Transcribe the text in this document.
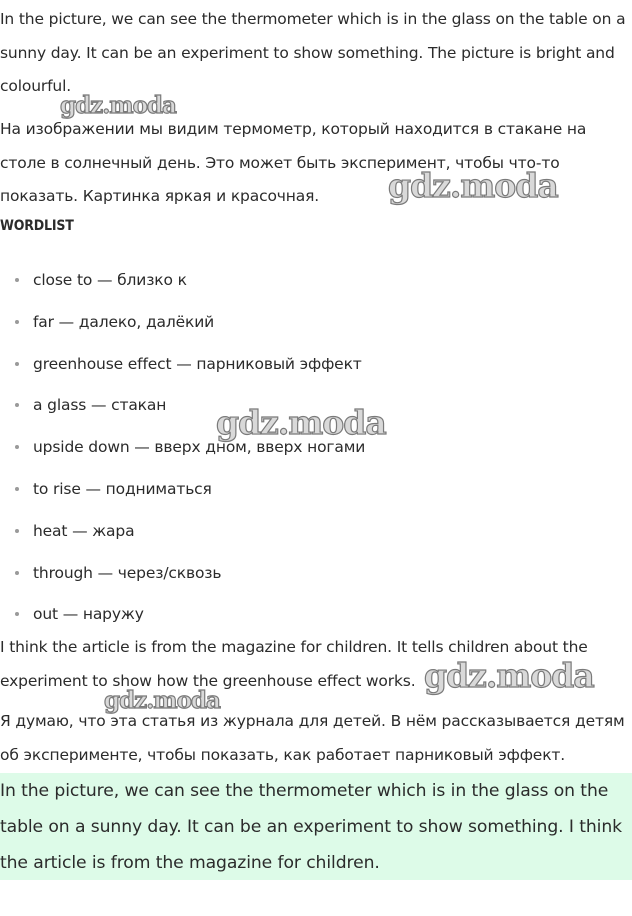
In the picture, we can see the thermometer which is in the glass on the table on a sunny day. It can be an experiment to show something. The picture is bright and colourful.

На изображении мы видим термометр, который находится в стакане на столе в солнечный день. Это может быть эксперимент, чтобы что-то показать. Картинка яркая и красочная.

WORDLIST
close to — близко к
far — далеко, далёкий
greenhouse effect — парниковый эффект
a glass — стакан
upside down — вверх дном, вверх ногами
to rise — подниматься
heat — жара
through — через/сквозь
out — наружу

I think the article is from the magazine for children. It tells children about the experiment to show how the greenhouse effect works.

Я думаю, что эта статья из журнала для детей. В нём рассказывается детям об эксперименте, чтобы показать, как работает парниковый эффект.

In the picture, we can see the thermometer which is in the glass on the table on a sunny day. It can be an experiment to show something. I think the article is from the magazine for children.

gdz.moda
gdz.moda
gdz.moda
gdz.moda
gdz.moda
